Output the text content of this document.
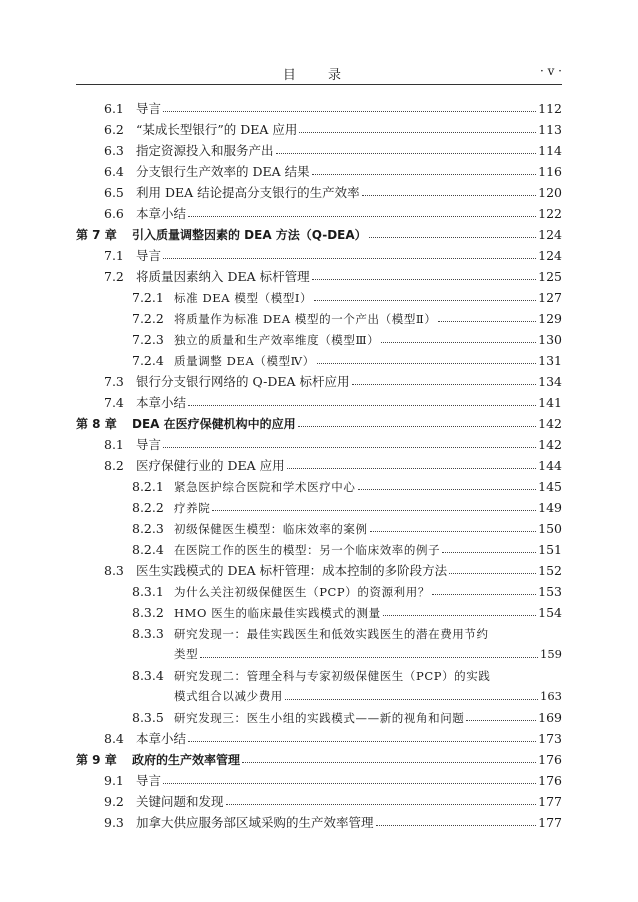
目 录	· v ·
6.1 导言	112
6.2 “某成长型银行”的 DEA 应用	113
6.3 指定资源投入和服务产出	114
6.4 分支银行生产效率的 DEA 结果	116
6.5 利用 DEA 结论提高分支银行的生产效率	120
6.6 本章小结	122
第 7 章	引入质量调整因素的 DEA 方法（Q-DEA）	124
7.1 导言	124
7.2 将质量因素纳入 DEA 标杆管理	125
7.2.1 标准 DEA 模型（模型Ⅰ）	127
7.2.2 将质量作为标准 DEA 模型的一个产出（模型Ⅱ）	129
7.2.3 独立的质量和生产效率维度（模型Ⅲ）	130
7.2.4 质量调整 DEA（模型Ⅳ）	131
7.3 银行分支银行网络的 Q-DEA 标杆应用	134
7.4 本章小结	141
第 8 章	DEA 在医疗保健机构中的应用	142
8.1 导言	142
8.2 医疗保健行业的 DEA 应用	144
8.2.1 紧急医护综合医院和学术医疗中心	145
8.2.2 疗养院	149
8.2.3 初级保健医生模型：临床效率的案例	150
8.2.4 在医院工作的医生的模型：另一个临床效率的例子	151
8.3 医生实践模式的 DEA 标杆管理：成本控制的多阶段方法	152
8.3.1 为什么关注初级保健医生（PCP）的资源利用？	153
8.3.2 HMO 医生的临床最佳实践模式的测量	154
8.3.3 研究发现一：最佳实践医生和低效实践医生的潜在费用节约
类型	159
8.3.4 研究发现二：管理全科与专家初级保健医生（PCP）的实践
模式组合以减少费用	163
8.3.5 研究发现三：医生小组的实践模式——新的视角和问题	169
8.4 本章小结	173
第 9 章	政府的生产效率管理	176
9.1 导言	176
9.2 关键问题和发现	177
9.3 加拿大供应服务部区域采购的生产效率管理	177
